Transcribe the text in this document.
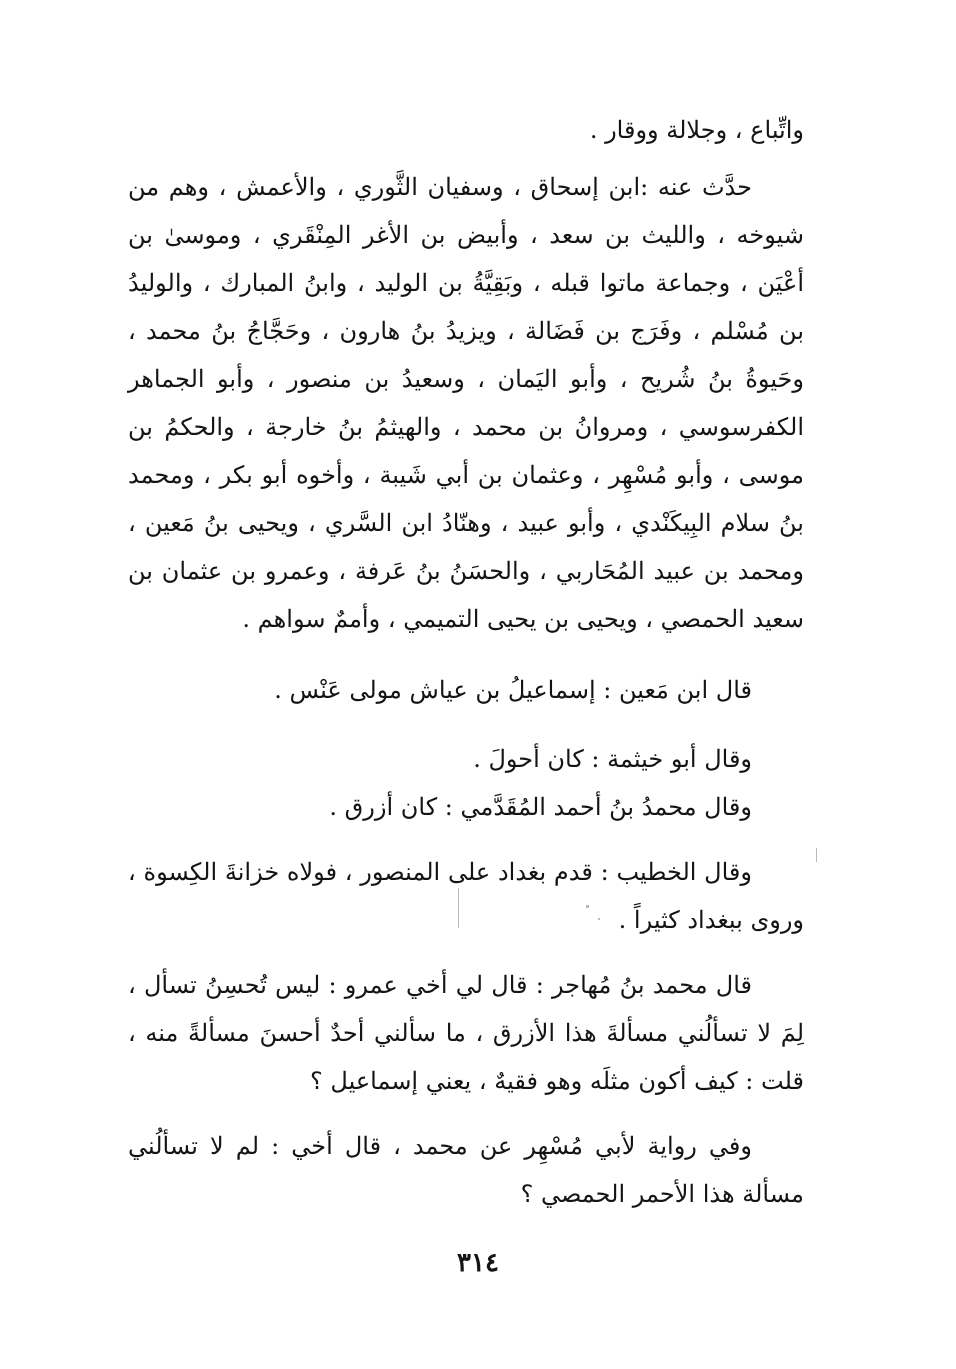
واتِّباع ، وجلالة ووقار .

حدَّث عنه :ابن إسحاق ، وسفيان الثَّوري ، والأعمش ، وهم من شيوخه ، والليث بن سعد ، وأبيض بن الأغر المِنْقَري ، وموسىٰ بن أعْيَن ، وجماعة ماتوا قبله ، وبَقِيَّةُ بن الوليد ، وابنُ المبارك ، والوليدُ بن مُسْلم ، وفَرَج بن فَضَالة ، ويزيدُ بنُ هارون ، وحَجَّاجُ بنُ محمد ، وحَيوةُ بنُ شُريح ، وأبو اليَمان ، وسعيدُ بن منصور ، وأبو الجماهر الكفرسوسي ، ومروانُ بن محمد ، والهيثمُ بنُ خارجة ، والحكمُ بن موسى ، وأبو مُسْهِر ، وعثمان بن أبي شَيبة ، وأخوه أبو بكر ، ومحمد بنُ سلام البِيكَنْدي ، وأبو عبيد ، وهنّادُ ابن السَّري ، ويحيى بنُ مَعين ، ومحمد بن عبيد المُحَاربي ، والحسَنُ بنُ عَرفة ، وعمرو بن عثمان بن سعيد الحمصي ، ويحيى بن يحيى التميمي ، وأممٌ سواهم .

قال ابن مَعين : إسماعيلُ بن عياش مولى عَنْس .

وقال أبو خيثمة : كان أحولَ .

وقال محمدُ بنُ أحمد المُقَدَّمي : كان أزرق .

وقال الخطيب : قدم بغداد على المنصور ، فولاه خزانةَ الكِسوة ، وروى ببغداد كثيراً .

قال محمد بنُ مُهاجر : قال لي أخي عمرو : ليس تُحسِنُ تسأل ، لِمَ لا تسألُني مسألةَ هذا الأزرق ، ما سألني أحدٌ أحسنَ مسألةً منه ، قلت : كيف أكون مثلَه وهو فقيهٌ ، يعني إسماعيل ؟

وفي رواية لأبي مُسْهِر عن محمد ، قال أخي : لم لا تسألُني مسألة هذا الأحمر الحمصي ؟

٣١٤
